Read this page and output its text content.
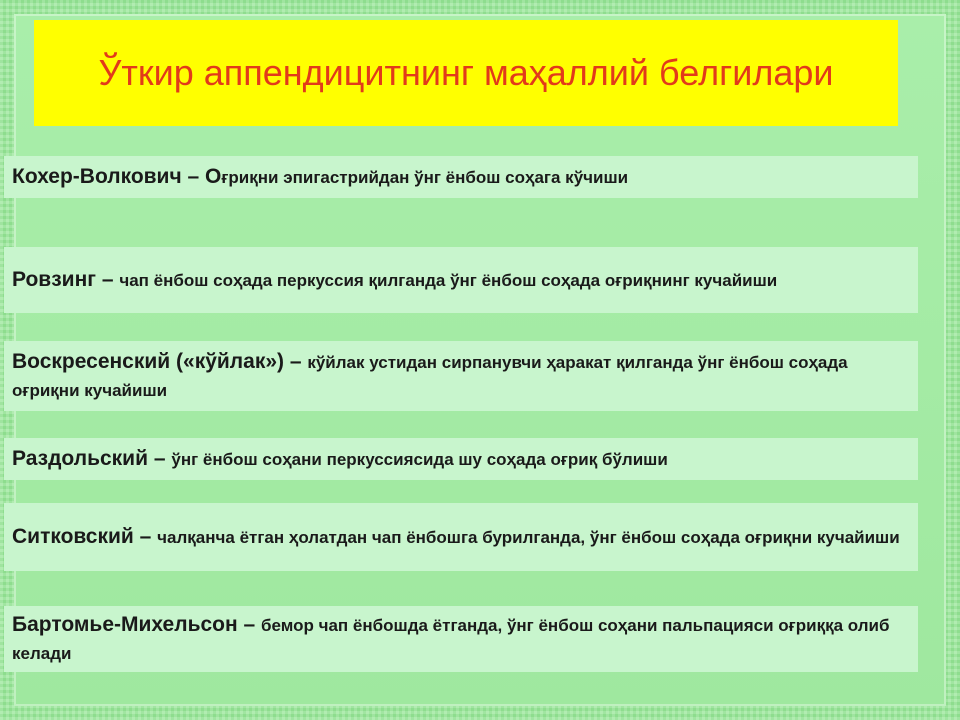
Ўткир аппендицитнинг маҳаллий белгилари
Кохер-Волкович – Оғриқни эпигастрийдан ўнг ёнбош соҳага кўчиши
Ровзинг – чап ёнбош соҳада перкуссия қилганда ўнг ёнбош соҳада оғриқнинг кучайиши
Воскресенский («кўйлак») – кўйлак устидан сирпанувчи ҳаракат қилганда ўнг ёнбош соҳада оғриқни кучайиши
Раздольский – ўнг ёнбош соҳани перкуссиясида шу соҳада оғриқ бўлиши
Ситковский – чалқанча ётган ҳолатдан чап ёнбошга бурилганда, ўнг ёнбош соҳада оғриқни кучайиши
Бартомье-Михельсон – бемор чап ёнбошда ётганда, ўнг ёнбош соҳани пальпацияси оғриққа олиб келади
